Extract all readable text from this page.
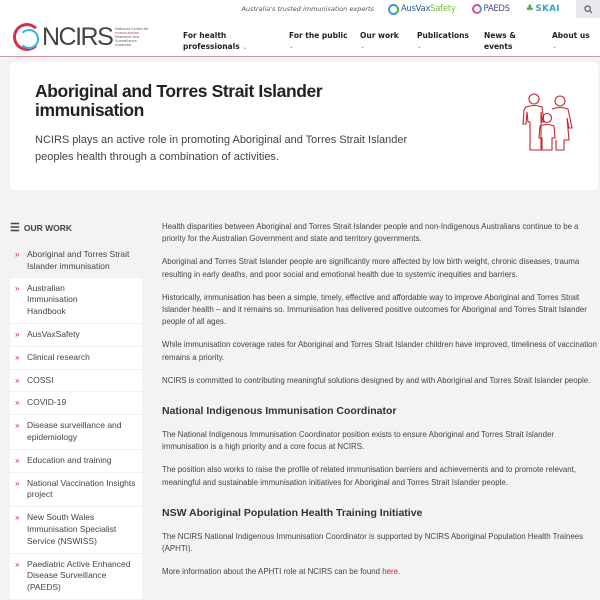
Australia's trusted immunisation experts	AusVax Safety	PAEDS ♣ SKAI
NCIRS National Centre for
Immunisation
Research and Surveillance
Australia
For health
professionals ⌄
For the public
⌄
Our work
⌄
Publications
⌄
News &
events
About us
⌄
Aboriginal and Torres Strait Islander immunisation

NCIRS plays an active role in promoting Aboriginal and Torres Strait Islander peoples health through a combination of activities.

☰ OUR WORK
» Aboriginal and Torres Strait Islander immunisation
» Australian Immunisation Handbook
» AusVaxSafety
» Clinical research
» COSSI
» COVID-19
» Disease surveillance and epidemiology
» Education and training
» National Vaccination Insights project
» New South Wales Immunisation Specialist Service (NSWISS)
» Paediatric Active Enhanced Disease Surveillance (PAEDS)

Health disparities between Aboriginal and Torres Strait Islander people and non-Indigenous Australians continue to be a priority for the Australian Government and state and territory governments.

Aboriginal and Torres Strait Islander people are significantly more affected by low birth weight, chronic diseases, trauma resulting in early deaths, and poor social and emotional health due to systemic inequities and barriers.

Historically, immunisation has been a simple, timely, effective and affordable way to improve Aboriginal and Torres Strait Islander health – and it remains so. Immunisation has delivered positive outcomes for Aboriginal and Torres Strait Islander people of all ages.

While immunisation coverage rates for Aboriginal and Torres Strait Islander children have improved, timeliness of vaccination remains a priority.

NCIRS is committed to contributing meaningful solutions designed by and with Aboriginal and Torres Strait Islander people.

National Indigenous Immunisation Coordinator

The National Indigenous Immunisation Coordinator position exists to ensure Aboriginal and Torres Strait Islander immunisation is a high priority and a core focus at NCIRS.

The position also works to raise the profile of related immunisation barriers and achievements and to promote relevant, meaningful and sustainable immunisation initiatives for Aboriginal and Torres Strait Islander people.

NSW Aboriginal Population Health Training Initiative

The NCIRS National Indigenous Immunisation Coordinator is supported by NCIRS Aboriginal Population Health Trainees (APHTI).

More information about the APHTI role at NCIRS can be found here.
